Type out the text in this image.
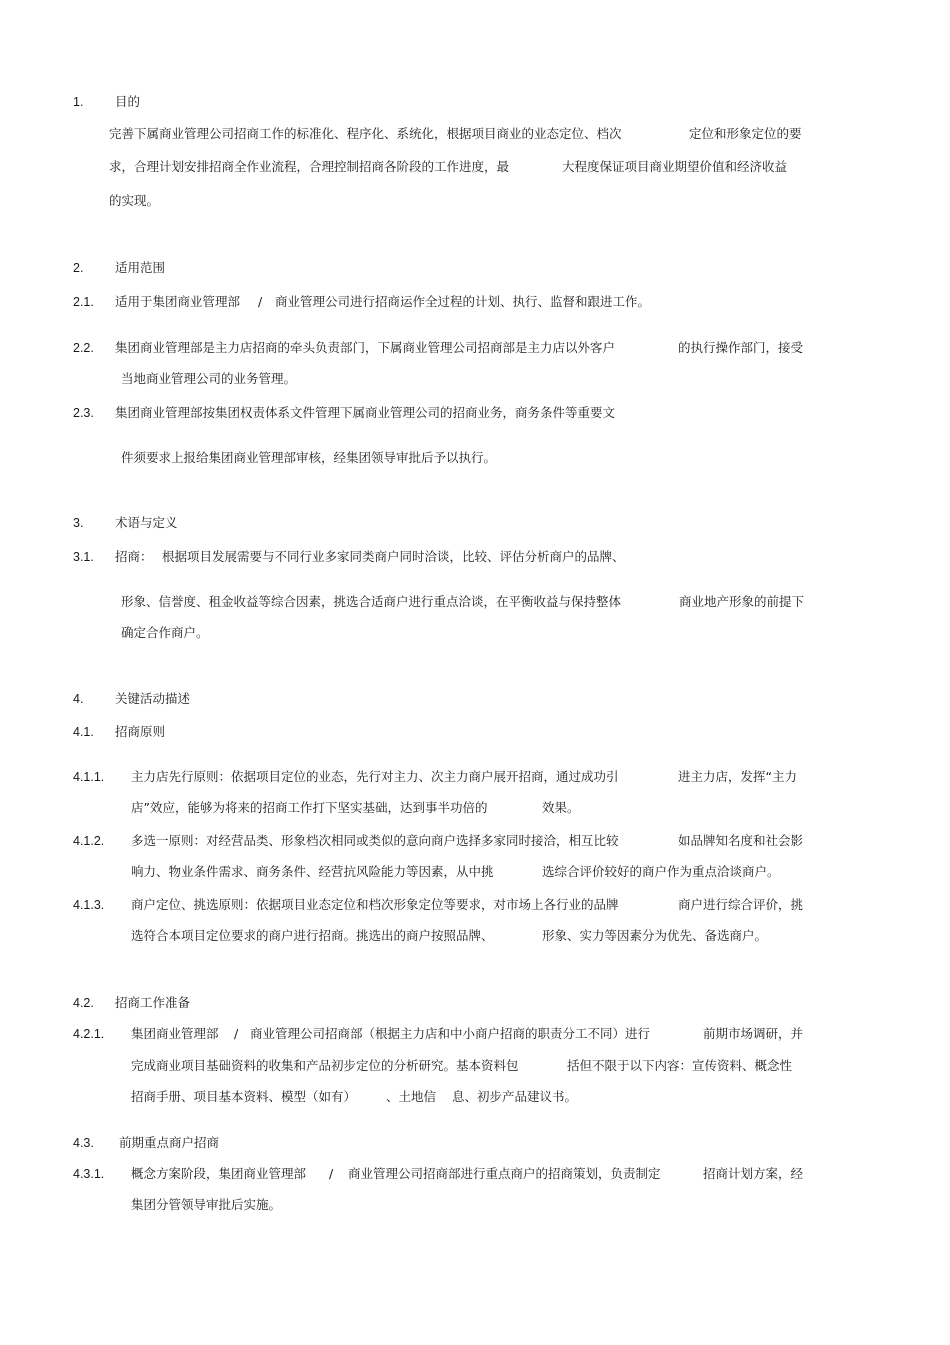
1.	目的
完善下属商业管理公司招商工作的标准化、程序化、系统化，根据项目商业的业态定位、档次	定位和形象定位的要
求，合理计划安排招商全作业流程，合理控制招商各阶段的工作进度，最	大程度保证项目商业期望价值和经济收益
的实现。
2.	适用范围
2.1. 适用于集团商业管理部 / 商业管理公司进行招商运作全过程的计划、执行、监督和跟进工作。
2.2. 集团商业管理部是主力店招商的牵头负责部门，下属商业管理公司招商部是主力店以外客户	的执行操作部门，接受
当地商业管理公司的业务管理。
2.3. 集团商业管理部按集团权责体系文件管理下属商业管理公司的招商业务，商务条件等重要文
件须要求上报给集团商业管理部审核，经集团领导审批后予以执行。
3.	术语与定义
3.1. 招商： 根据项目发展需要与不同行业多家同类商户同时洽谈，比较、评估分析商户的品牌、
形象、信誉度、租金收益等综合因素，挑选合适商户进行重点洽谈，在平衡收益与保持整体	商业地产形象的前提下
确定合作商户。
4.	关键活动描述
4.1. 招商原则
4.1.1. 主力店先行原则：依据项目定位的业态，先行对主力、次主力商户展开招商，通过成功引	进主力店，发挥“主力
店”效应，能够为将来的招商工作打下坚实基础，达到事半功倍的	效果。
4.1.2. 多选一原则：对经营品类、形象档次相同或类似的意向商户选择多家同时接洽，相互比较	如品牌知名度和社会影
响力、物业条件需求、商务条件、经营抗风险能力等因素，从中挑	选综合评价较好的商户作为重点洽谈商户。
4.1.3. 商户定位、挑选原则：依据项目业态定位和档次形象定位等要求，对市场上各行业的品牌	商户进行综合评价，挑
选符合本项目定位要求的商户进行招商。挑选出的商户按照品牌、	形象、实力等因素分为优先、备选商户。
4.2. 招商工作准备
4.2.1. 集团商业管理部 / 商业管理公司招商部（根据主力店和中小商户招商的职责分工不同）进行	前期市场调研，并
完成商业项目基础资料的收集和产品初步定位的分析研究。基本资料包	括但不限于以下内容：宣传资料、概念性
招商手册、项目基本资料、模型（如有） 、土地信 息、初步产品建议书。
4.3. 前期重点商户招商
4.3.1. 概念方案阶段，集团商业管理部 / 商业管理公司招商部进行重点商户的招商策划，负责制定	招商计划方案，经
集团分管领导审批后实施。
